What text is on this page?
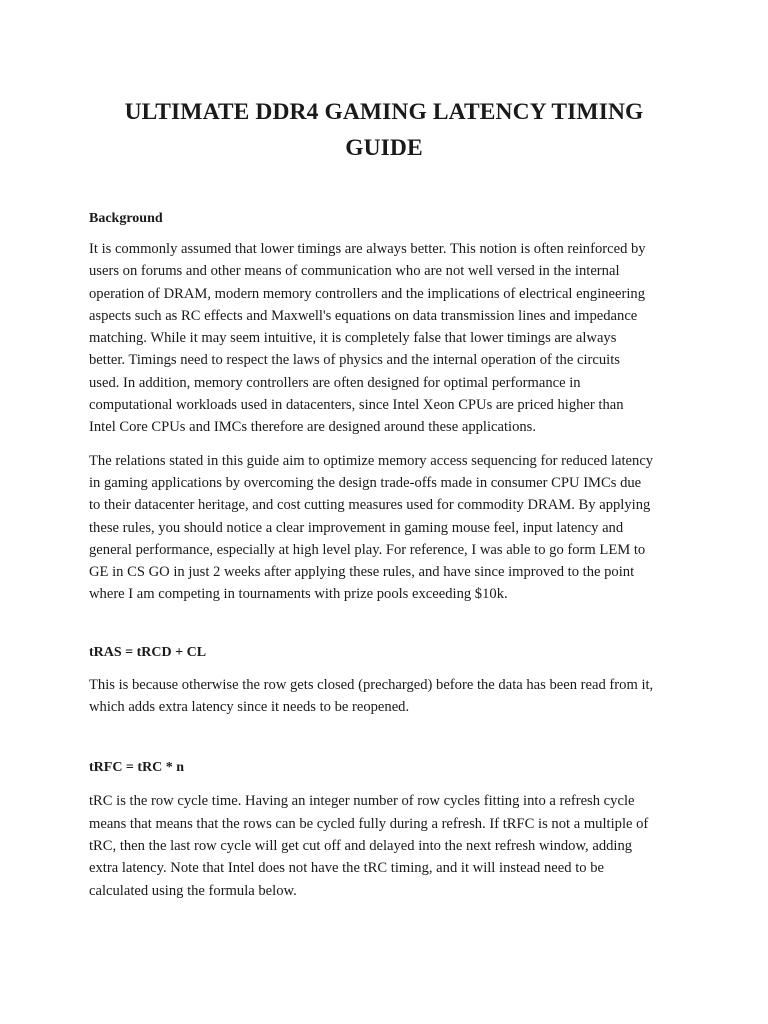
ULTIMATE DDR4 GAMING LATENCY TIMING
GUIDE
Background

It is commonly assumed that lower timings are always better. This notion is often reinforced by
users on forums and other means of communication who are not well versed in the internal
operation of DRAM, modern memory controllers and the implications of electrical engineering
aspects such as RC effects and Maxwell's equations on data transmission lines and impedance
matching. While it may seem intuitive, it is completely false that lower timings are always
better. Timings need to respect the laws of physics and the internal operation of the circuits
used. In addition, memory controllers are often designed for optimal performance in
computational workloads used in datacenters, since Intel Xeon CPUs are priced higher than
Intel Core CPUs and IMCs therefore are designed around these applications.

The relations stated in this guide aim to optimize memory access sequencing for reduced latency
in gaming applications by overcoming the design trade-offs made in consumer CPU IMCs due
to their datacenter heritage, and cost cutting measures used for commodity DRAM. By applying
these rules, you should notice a clear improvement in gaming mouse feel, input latency and
general performance, especially at high level play. For reference, I was able to go form LEM to
GE in CS GO in just 2 weeks after applying these rules, and have since improved to the point
where I am competing in tournaments with prize pools exceeding $10k.

tRAS = tRCD + CL

This is because otherwise the row gets closed (precharged) before the data has been read from it,
which adds extra latency since it needs to be reopened.

tRFC = tRC * n

tRC is the row cycle time. Having an integer number of row cycles fitting into a refresh cycle
means that means that the rows can be cycled fully during a refresh. If tRFC is not a multiple of
tRC, then the last row cycle will get cut off and delayed into the next refresh window, adding
extra latency. Note that Intel does not have the tRC timing, and it will instead need to be
calculated using the formula below.
